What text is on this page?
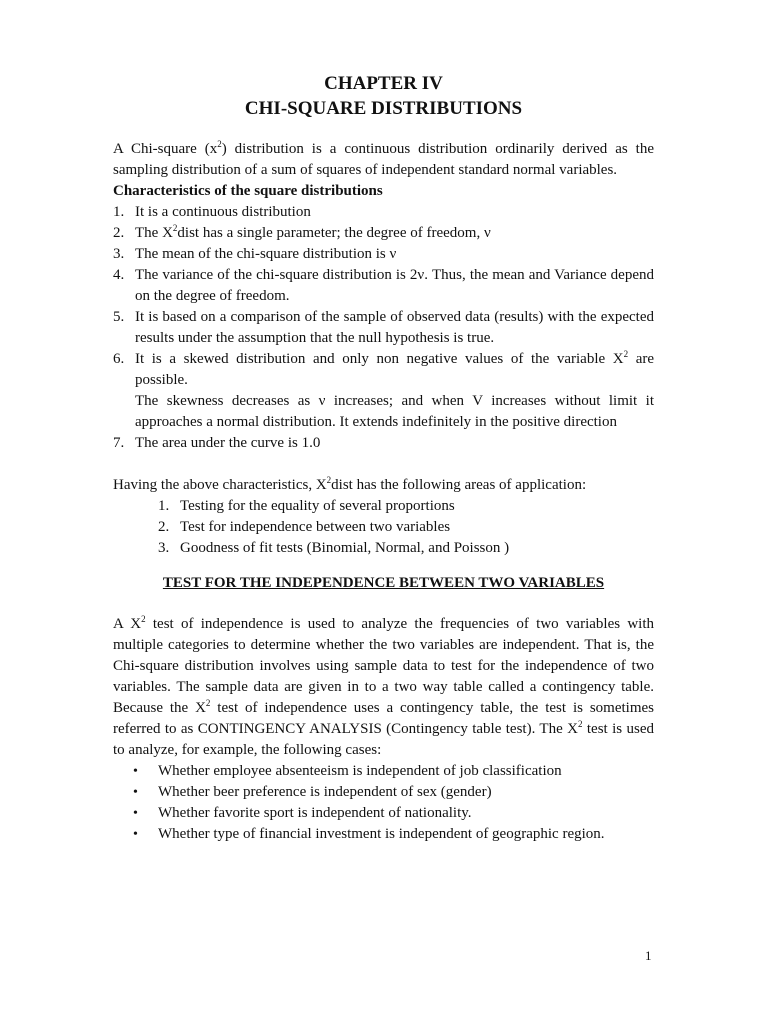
CHAPTER IV

CHI-SQUARE DISTRIBUTIONS

A Chi-square $(x^2)$ distribution is a continuous distribution ordinarily derived as the sampling distribution of a sum of squares of independent standard normal variables.

Characteristics of the square distributions

1. It is a continuous distribution
2. The $X^2dist$ has a single parameter; the degree of freedom, ν
3. The mean of the chi-square distribution is ν
4. The variance of the chi-square distribution is 2ν. Thus, the mean and Variance depend on the degree of freedom.
5. It is based on a comparison of the sample of observed data (results) with the expected results under the assumption that the null hypothesis is true.
6. It is a skewed distribution and only non negative values of the variable $X^2$ are possible.
The skewness decreases as ν increases; and when V increases without limit it approaches a normal distribution. It extends indefinitely in the positive direction
7. The area under the curve is 1.0

Having the above characteristics, $X^2dist$ has the following areas of application:

1. Testing for the equality of several proportions
2. Test for independence between two variables
3. Goodness of fit tests (Binomial, Normal, and Poisson )

TEST FOR THE INDEPENDENCE BETWEEN TWO VARIABLES

A $X^2$ test of independence is used to analyze the frequencies of two variables with multiple categories to determine whether the two variables are independent. That is, the Chi-square distribution involves using sample data to test for the independence of two variables. The sample data are given in to a two way table called a contingency table. Because the $X^2$ test of independence uses a contingency table, the test is sometimes referred to as CONTINGENCY ANALYSIS (Contingency table test). The $X^2$ test is used to analyze, for example, the following cases:

• Whether employee absenteeism is independent of job classification
• Whether beer preference is independent of sex (gender)
• Whether favorite sport is independent of nationality.
• Whether type of financial investment is independent of geographic region.
1
